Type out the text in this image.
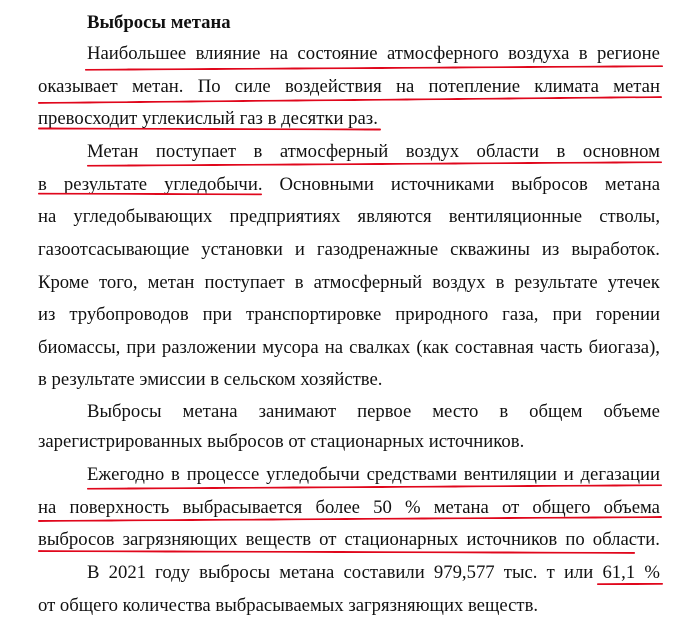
Выбросы метана
Наибольшее влияние на состояние атмосферного воздуха в регионе
оказывает метан. По силе воздействия на потепление климата метан
превосходит углекислый газ в десятки раз.
Метан поступает в атмосферный воздух области в основном
в результате угледобычи. Основными источниками выбросов метана
на угледобывающих предприятиях являются вентиляционные стволы,
газоотсасывающие установки и газодренажные скважины из выработок.
Кроме того, метан поступает в атмосферный воздух в результате утечек
из трубопроводов при транспортировке природного газа, при горении
биомассы, при разложении мусора на свалках (как составная часть биогаза),
в результате эмиссии в сельском хозяйстве.
Выбросы метана занимают первое место в общем объеме
зарегистрированных выбросов от стационарных источников.
Ежегодно в процессе угледобычи средствами вентиляции и дегазации
на поверхность выбрасывается более 50 % метана от общего объема
выбросов загрязняющих веществ от стационарных источников по области.
В 2021 году выбросы метана составили 979,577 тыс. т или 61,1 %
от общего количества выбрасываемых загрязняющих веществ.
